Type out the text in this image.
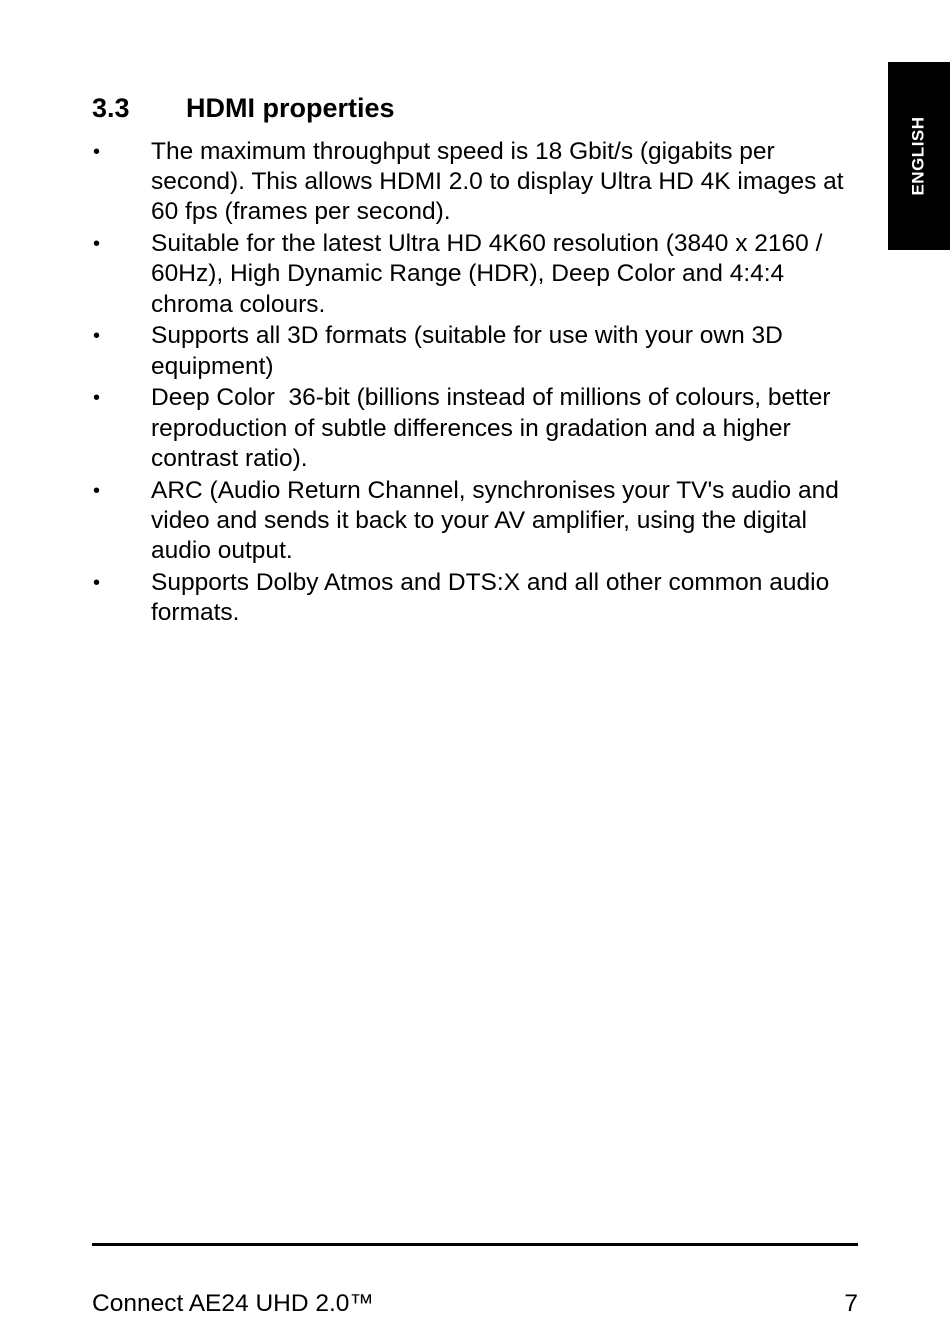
ENGLISH
3.3	HDMI properties
•	The maximum throughput speed is 18 Gbit/s (gigabits per second). This allows HDMI 2.0 to display Ultra HD 4K images at 60 fps (frames per second).
•	Suitable for the latest Ultra HD 4K60 resolution (3840 x 2160 / 60Hz), High Dynamic Range (HDR), Deep Color and 4:4:4 chroma colours.
•	Supports all 3D formats (suitable for use with your own 3D equipment)
•	Deep Color  36-bit (billions instead of millions of colours, better reproduction of subtle differences in gradation and a higher contrast ratio).
•	ARC (Audio Return Channel, synchronises your TV's audio and video and sends it back to your AV amplifier, using the digital audio output.
•	Supports Dolby Atmos and DTS:X and all other common audio formats.
Connect AE24 UHD 2.0™	7
